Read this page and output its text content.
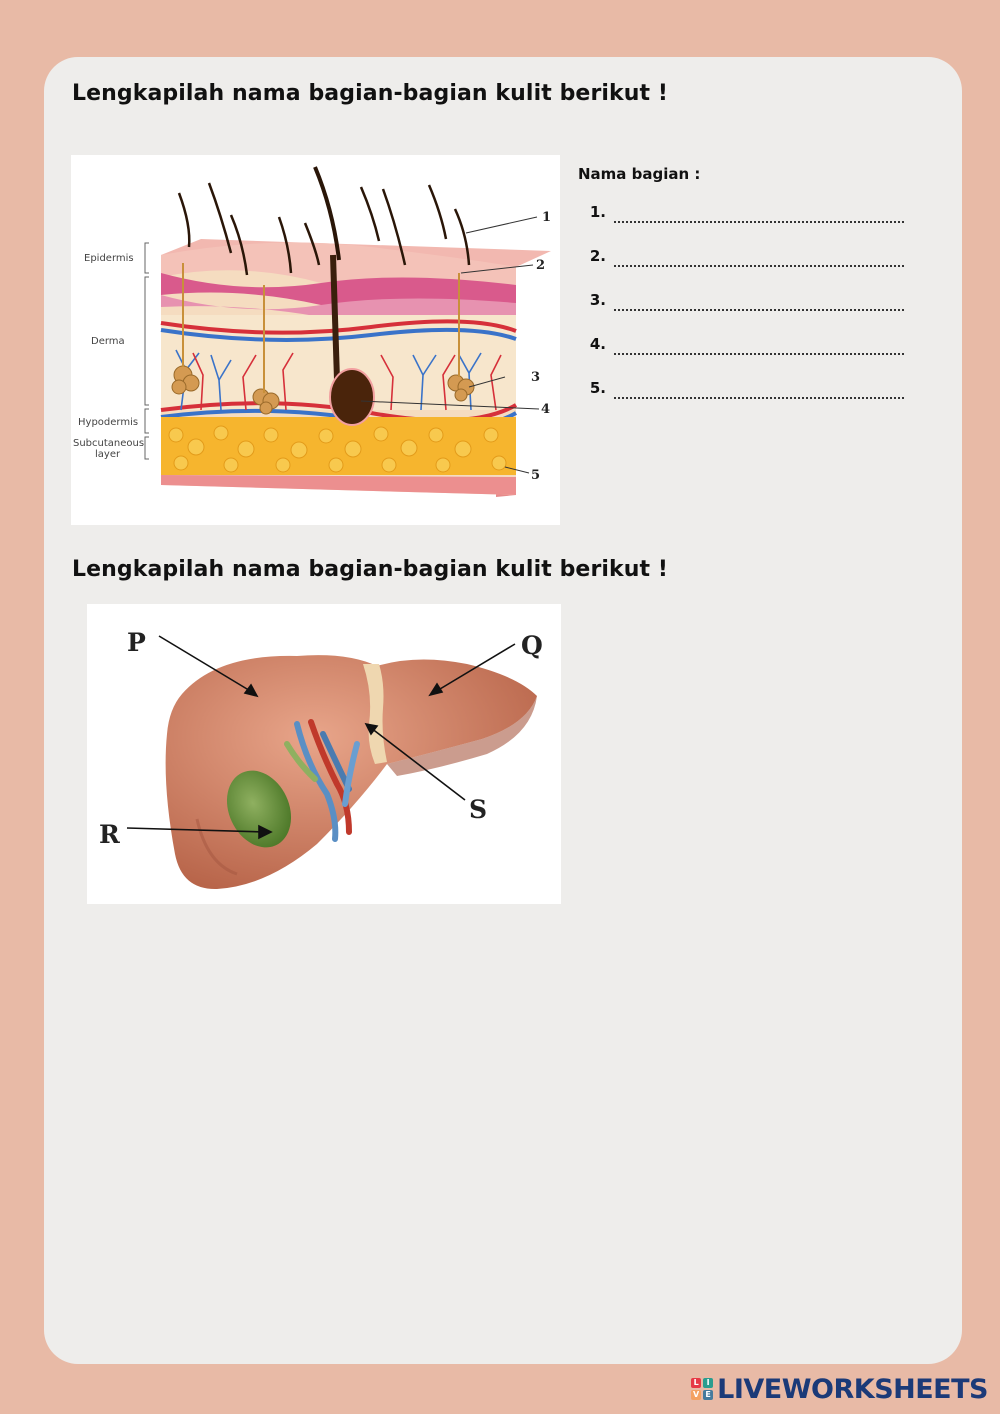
Lengkapilah nama bagian-bagian kulit berikut !
Epidermis
Derma
Hypodermis
Subcutaneous
layer
1
2
3
4
5
Nama bagian :
1.
2.
3.
4.
5.
Lengkapilah nama bagian-bagian kulit berikut !
P	Q
R
S
L I
V E LIVEWORKSHEETS
